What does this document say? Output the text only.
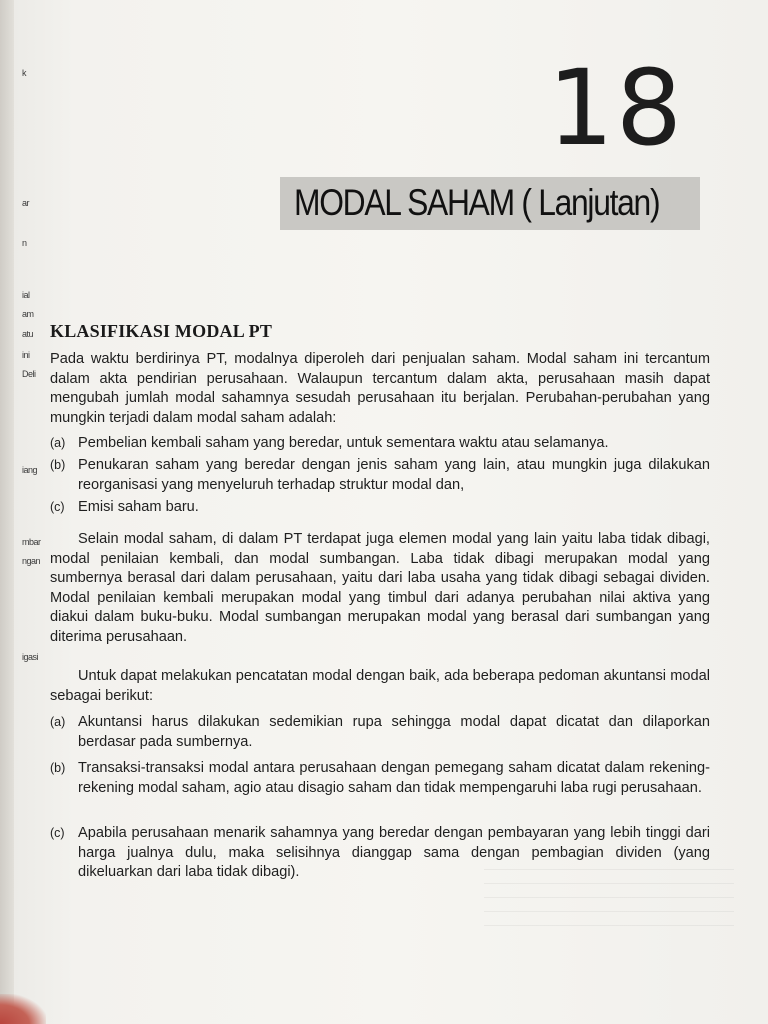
k
ar
n
ial
am
atu
ini
Deli
iang
mbar
ngan
igasi
18
MODAL SAHAM ( Lanjutan)
KLASIFIKASI MODAL PT

Pada waktu berdirinya PT, modalnya diperoleh dari penjualan saham. Modal saham ini tercantum dalam akta pendirian perusahaan. Walaupun tercantum dalam akta, perusahaan masih dapat mengubah jumlah modal sahamnya sesudah perusahaan itu berjalan. Perubahan-perubahan yang mungkin terjadi dalam modal saham adalah:

(a) Pembelian kembali saham yang beredar, untuk sementara waktu atau selamanya.
(b) Penukaran saham yang beredar dengan jenis saham yang lain, atau mungkin juga dilakukan reorganisasi yang menyeluruh terhadap struktur modal dan,
(c) Emisi saham baru.

Selain modal saham, di dalam PT terdapat juga elemen modal yang lain yaitu laba tidak dibagi, modal penilaian kembali, dan modal sumbangan. Laba tidak dibagi merupakan modal yang sumbernya berasal dari dalam perusahaan, yaitu dari laba usaha yang tidak dibagi sebagai dividen. Modal penilaian kembali merupakan modal yang timbul dari adanya perubahan nilai aktiva yang diakui dalam buku-buku. Modal sumbangan merupakan modal yang berasal dari sumbangan yang diterima perusahaan.

Untuk dapat melakukan pencatatan modal dengan baik, ada beberapa pedoman akuntansi modal sebagai berikut:

(a) Akuntansi harus dilakukan sedemikian rupa sehingga modal dapat dicatat dan dilaporkan berdasar pada sumbernya.
(b) Transaksi-transaksi modal antara perusahaan dengan pemegang saham dicatat dalam rekening-rekening modal saham, agio atau disagio saham dan tidak mempengaruhi laba rugi perusahaan.
(c) Apabila perusahaan menarik sahamnya yang beredar dengan pembayaran yang lebih tinggi dari harga jualnya dulu, maka selisihnya dianggap sama dengan pembagian dividen (yang dikeluarkan dari laba tidak dibagi).
